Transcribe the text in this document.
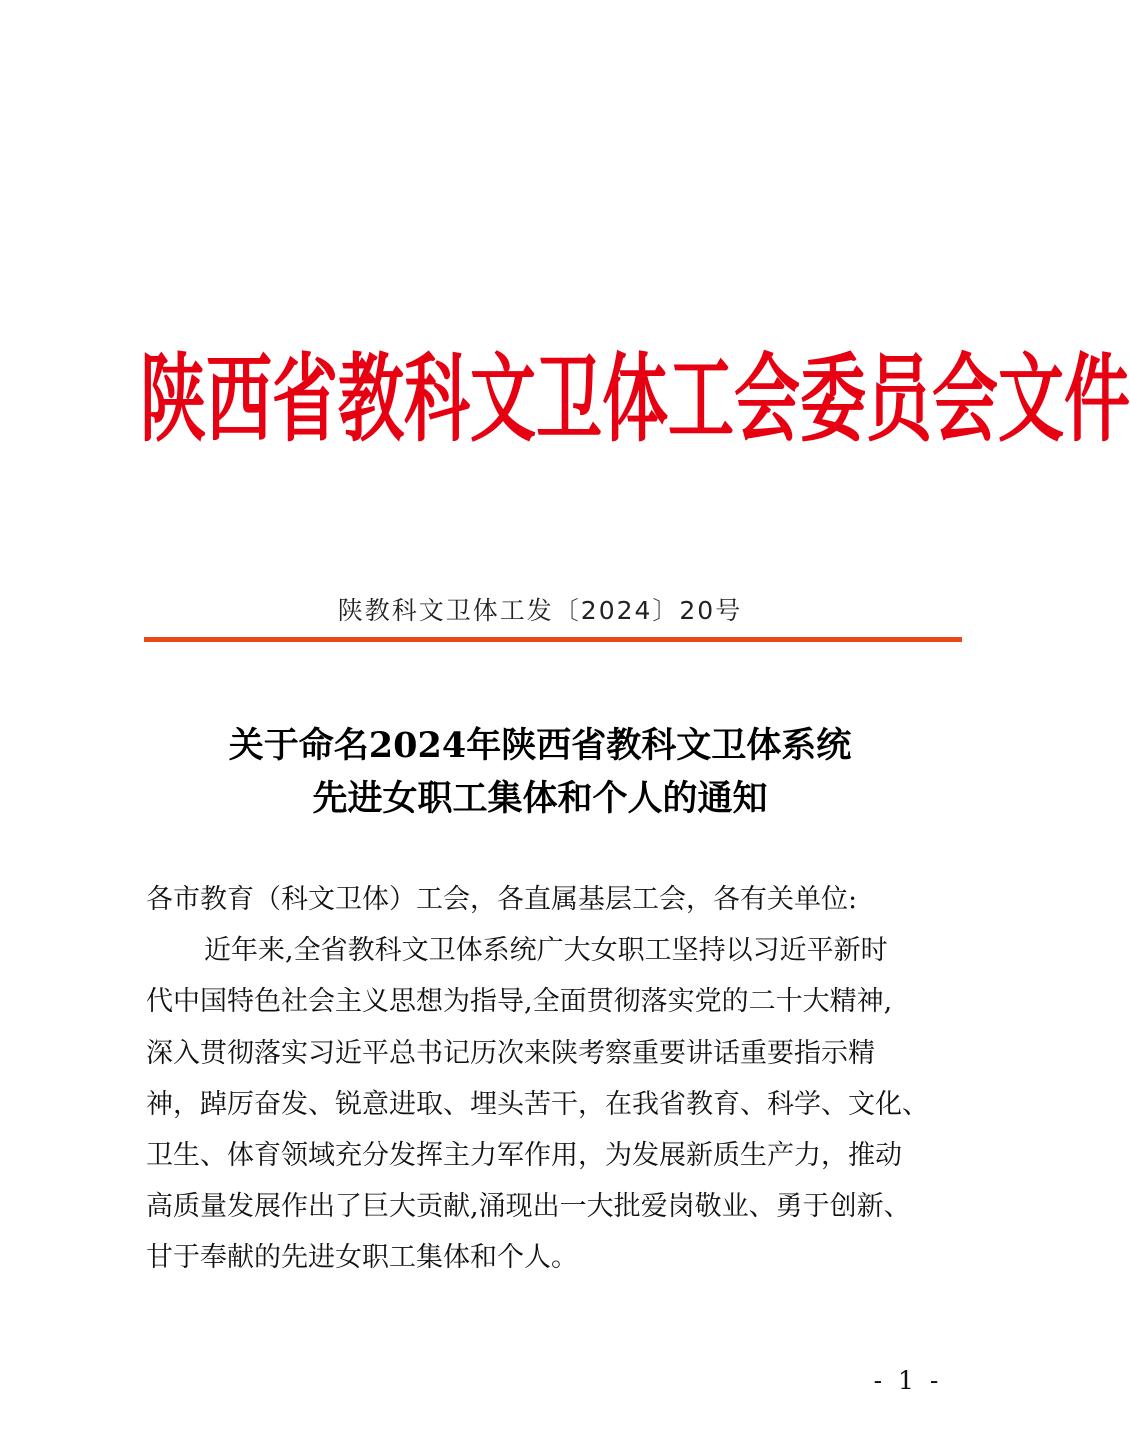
陕 西 省 教 科 文 卫 体 工 会 委 员 会 文 件
陕教科文卫体工发〔2024〕20号
关于命名2024年陕西省教科文卫体系统
先进女职工集体和个人的通知
各市教育（科文卫体）工会，各直属基层工会，各有关单位:
近年来,全省教科文卫体系统广大女职工坚持以习近平新时
代中国特色社会主义思想为指导,全面贯彻落实党的二十大精神,
深入贯彻落实习近平总书记历次来陕考察重要讲话重要指示精
神，踔厉奋发、锐意进取、埋头苦干，在我省教育、科学、文化、
卫生、体育领域充分发挥主力军作用，为发展新质生产力，推动
高质量发展作出了巨大贡献,涌现出一大批爱岗敬业、勇于创新、
甘于奉献的先进女职工集体和个人。
- 1 -
